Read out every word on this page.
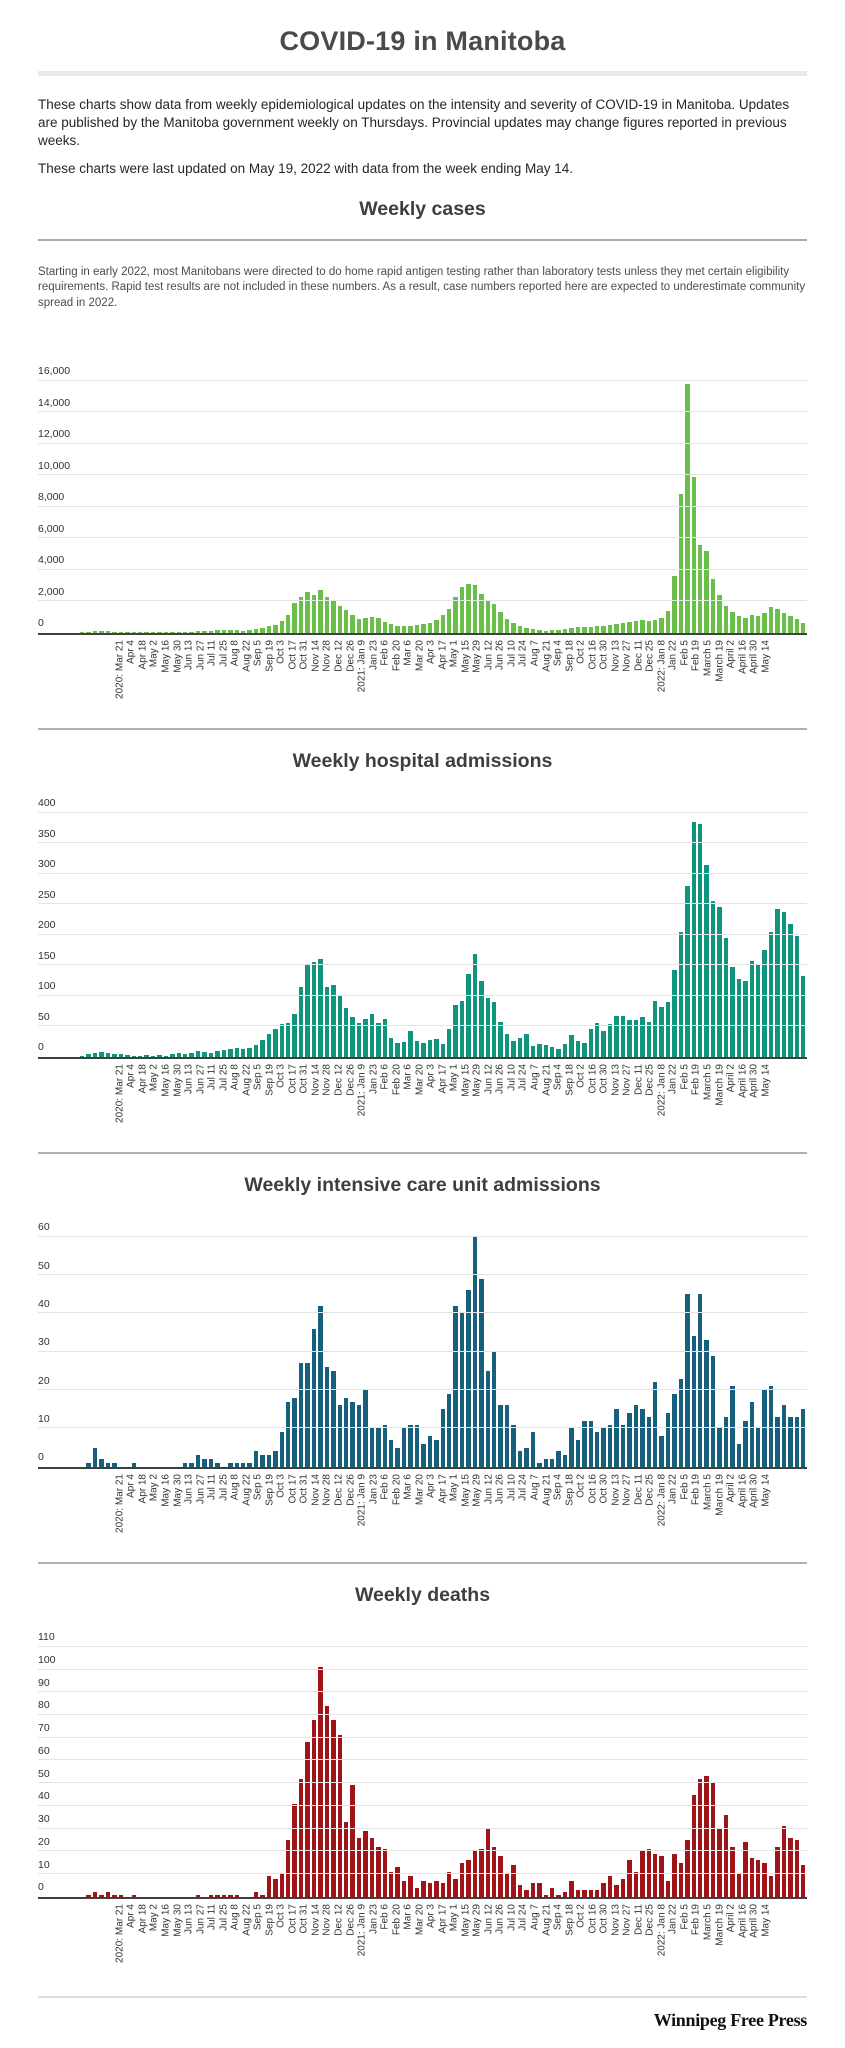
COVID-19 in Manitoba

These charts show data from weekly epidemiological updates on the intensity and severity of COVID-19 in Manitoba. Updates are published by the Manitoba government weekly on Thursdays. Provincial updates may change figures reported in previous weeks.

These charts were last updated on May 19, 2022 with data from the week ending May 14.

Weekly cases

Starting in early 2022, most Manitobans were directed to do home rapid antigen testing rather than laboratory tests unless they met certain eligibility requirements. Rapid test results are not included in these numbers. As a result, case numbers reported here are expected to underestimate community spread in 2022.

0
2,000
4,000
6,000
8,000
10,000
12,000
14,000
16,000
2020: Mar 21 Apr 4 Apr 18 May 2 May 16 May 30 Jun 13 Jun 27 Jul 11 Jul 25 Aug 8 Aug 22 Sep 5 Sep 19 Oct 3 Oct 17 Oct 31 Nov 14 Nov 28 Dec 12 Dec 26 2021: Jan 9 Jan 23 Feb 6 Feb 20 Mar 6 Mar 20 Apr 3 Apr 17 May 1 May 15 May 29 Jun 12 Jun 26 Jul 10 Jul 24 Aug 7 Aug 21 Sep 4 Sep 18 Oct 2 Oct 16 Oct 30 Nov 13 Nov 27 Dec 11 Dec 25 2022: Jan 8 Jan 22 Feb 5 Feb 19 March 5 March 19 April 2 April 16 April 30 May 14
Weekly hospital admissions
0
50
100
150
200
250
300
350
400
2020: Mar 21 Apr 4 Apr 18 May 2 May 16 May 30 Jun 13 Jun 27 Jul 11 Jul 25 Aug 8 Aug 22 Sep 5 Sep 19 Oct 3 Oct 17 Oct 31 Nov 14 Nov 28 Dec 12 Dec 26 2021: Jan 9 Jan 23 Feb 6 Feb 20 Mar 6 Mar 20 Apr 3 Apr 17 May 1 May 15 May 29 Jun 12 Jun 26 Jul 10 Jul 24 Aug 7 Aug 21 Sep 4 Sep 18 Oct 2 Oct 16 Oct 30 Nov 13 Nov 27 Dec 11 Dec 25 2022: Jan 8 Jan 22 Feb 5 Feb 19 March 5 March 19 April 2 April 16 April 30 May 14
Weekly intensive care unit admissions
0
10
20
30
40
50
60
2020: Mar 21 Apr 4 Apr 18 May 2 May 16 May 30 Jun 13 Jun 27 Jul 11 Jul 25 Aug 8 Aug 22 Sep 5 Sep 19 Oct 3 Oct 17 Oct 31 Nov 14 Nov 28 Dec 12 Dec 26 2021: Jan 9 Jan 23 Feb 6 Feb 20 Mar 6 Mar 20 Apr 3 Apr 17 May 1 May 15 May 29 Jun 12 Jun 26 Jul 10 Jul 24 Aug 7 Aug 21 Sep 4 Sep 18 Oct 2 Oct 16 Oct 30 Nov 13 Nov 27 Dec 11 Dec 25 2022: Jan 8 Jan 22 Feb 5 Feb 19 March 5 March 19 April 2 April 16 April 30 May 14
Weekly deaths
0
10
20
30
40
50
60
70
80
90
100
110
2020: Mar 21 Apr 4 Apr 18 May 2 May 16 May 30 Jun 13 Jun 27 Jul 11 Jul 25 Aug 8 Aug 22 Sep 5 Sep 19 Oct 3 Oct 17 Oct 31 Nov 14 Nov 28 Dec 12 Dec 26 2021: Jan 9 Jan 23 Feb 6 Feb 20 Mar 6 Mar 20 Apr 3 Apr 17 May 1 May 15 May 29 Jun 12 Jun 26 Jul 10 Jul 24 Aug 7 Aug 21 Sep 4 Sep 18 Oct 2 Oct 16 Oct 30 Nov 13 Nov 27 Dec 11 Dec 25 2022: Jan 8 Jan 22 Feb 5 Feb 19 March 5 March 19 April 2 April 16 April 30 May 14
Winnipeg Free Press
